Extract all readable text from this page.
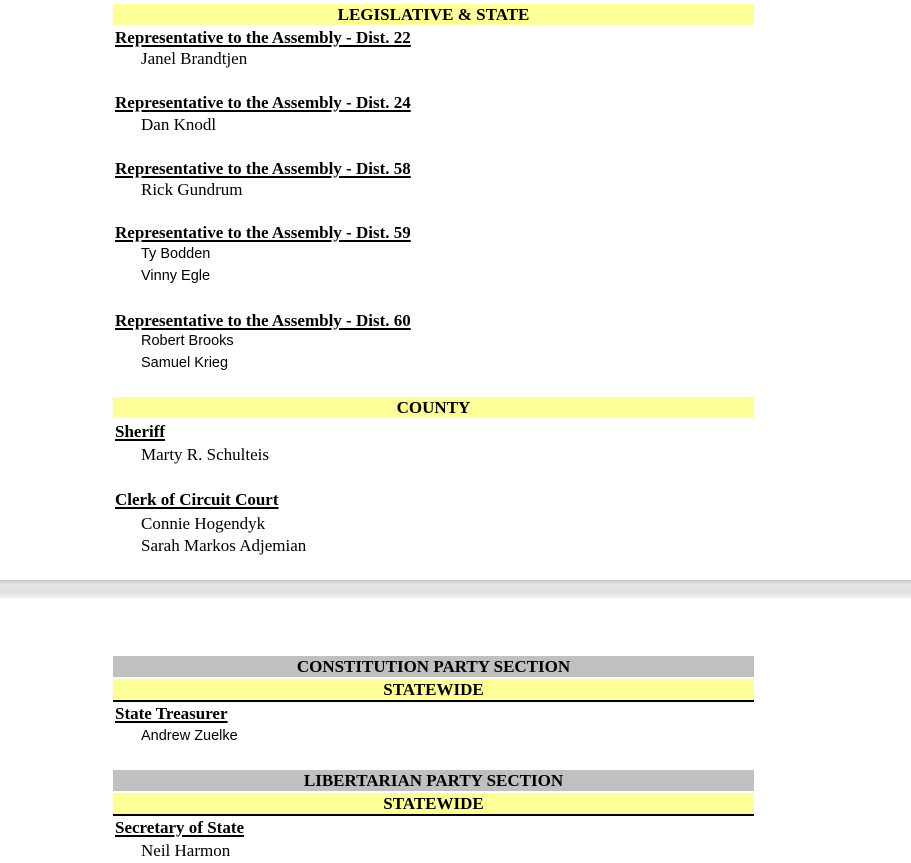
LEGISLATIVE & STATE
Representative to the Assembly - Dist. 22
Janel Brandtjen
Representative to the Assembly - Dist. 24
Dan Knodl
Representative to the Assembly - Dist. 58
Rick Gundrum
Representative to the Assembly - Dist. 59
Ty Bodden
Vinny Egle
Representative to the Assembly - Dist. 60
Robert Brooks
Samuel Krieg
COUNTY
Sheriff
Marty R. Schulteis
Clerk of Circuit Court
Connie Hogendyk
Sarah Markos Adjemian
CONSTITUTION PARTY SECTION
STATEWIDE
State Treasurer
Andrew Zuelke
LIBERTARIAN PARTY SECTION
STATEWIDE
Secretary of State
Neil Harmon
